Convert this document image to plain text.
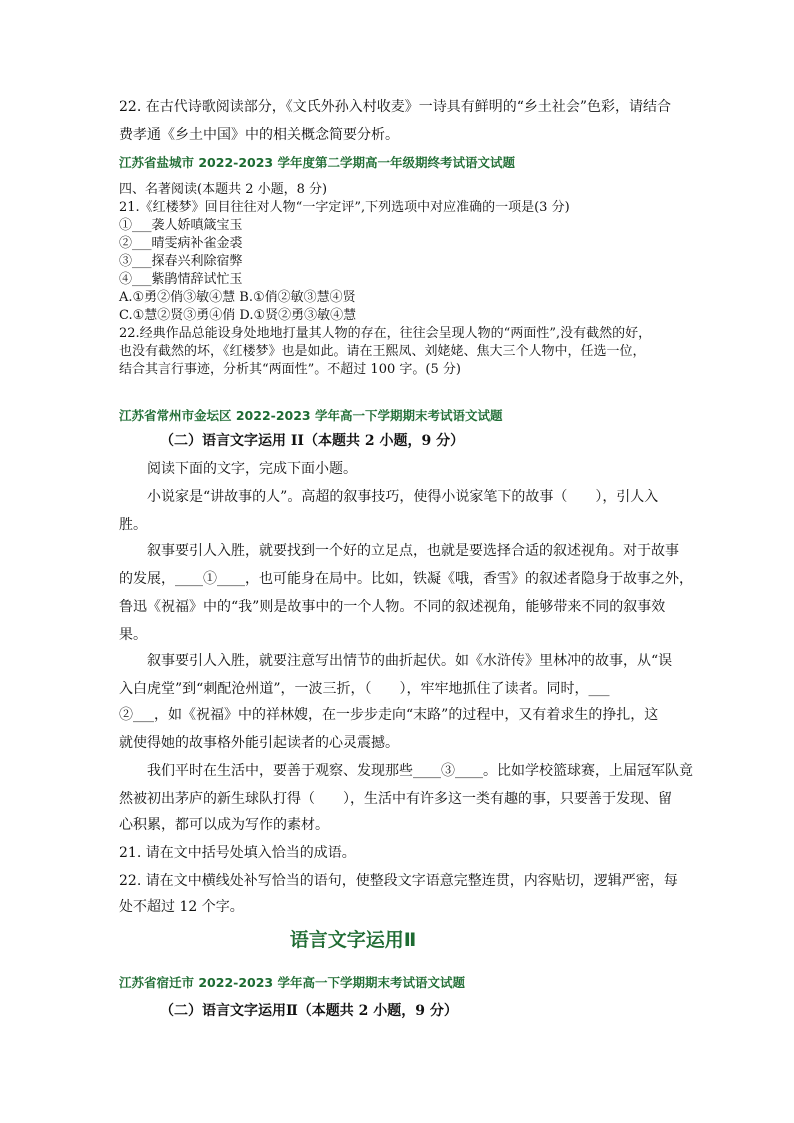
22. 在古代诗歌阅读部分，《文氏外孙入村收麦》一诗具有鲜明的“乡土社会”色彩，请结合
费孝通《乡土中国》中的相关概念简要分析。
江苏省盐城市 2022-2023 学年度第二学期高一年级期终考试语文试题
四、名著阅读(本题共 2 小题，8 分)
21.《红楼梦》回目往往对人物“一字定评”,下列选项中对应准确的一项是(3 分)
①___袭人娇嗔箴宝玉
②___晴雯病补雀金裘
③___探春兴利除宿弊
④___紫鹃情辞试忙玉
A.①勇②俏③敏④慧 B.①俏②敏③慧④贤
C.①慧②贤③勇④俏 D.①贤②勇③敏④慧
22.经典作品总能设身处地地打量其人物的存在，往往会呈现人物的“两面性”,没有截然的好，
也没有截然的坏，《红楼梦》也是如此。请在王熙凤、刘姥姥、焦大三个人物中，任选一位，
结合其言行事迹，分析其“两面性”。不超过 100 字。(5 分)
江苏省常州市金坛区 2022-2023 学年高一下学期期末考试语文试题
（二）语言文字运用 II（本题共 2 小题，9 分）
阅读下面的文字，完成下面小题。
小说家是“讲故事的人”。高超的叙事技巧，使得小说家笔下的故事（　　），引人入
胜。
叙事要引人入胜，就要找到一个好的立足点，也就是要选择合适的叙述视角。对于故事
的发展，____①____，也可能身在局中。比如，铁凝《哦，香雪》的叙述者隐身于故事之外，
鲁迅《祝福》中的“我”则是故事中的一个人物。不同的叙述视角，能够带来不同的叙事效
果。
叙事要引人入胜，就要注意写出情节的曲折起伏。如《水浒传》里林冲的故事，从“误
入白虎堂”到“刺配沧州道”，一波三折，（　　），牢牢地抓住了读者。同时，___
②___，如《祝福》中的祥林嫂，在一步步走向“末路”的过程中，又有着求生的挣扎，这
就使得她的故事格外能引起读者的心灵震撼。
我们平时在生活中，要善于观察、发现那些____③____。比如学校篮球赛，上届冠军队竟
然被初出茅庐的新生球队打得（　　），生活中有许多这一类有趣的事，只要善于发现、留
心积累，都可以成为写作的素材。
21. 请在文中括号处填入恰当的成语。
22. 请在文中横线处补写恰当的语句，使整段文字语意完整连贯，内容贴切，逻辑严密，每
处不超过 12 个字。
语言文字运用Ⅱ
江苏省宿迁市 2022-2023 学年高一下学期期末考试语文试题
（二）语言文字运用Ⅱ（本题共 2 小题，9 分）
